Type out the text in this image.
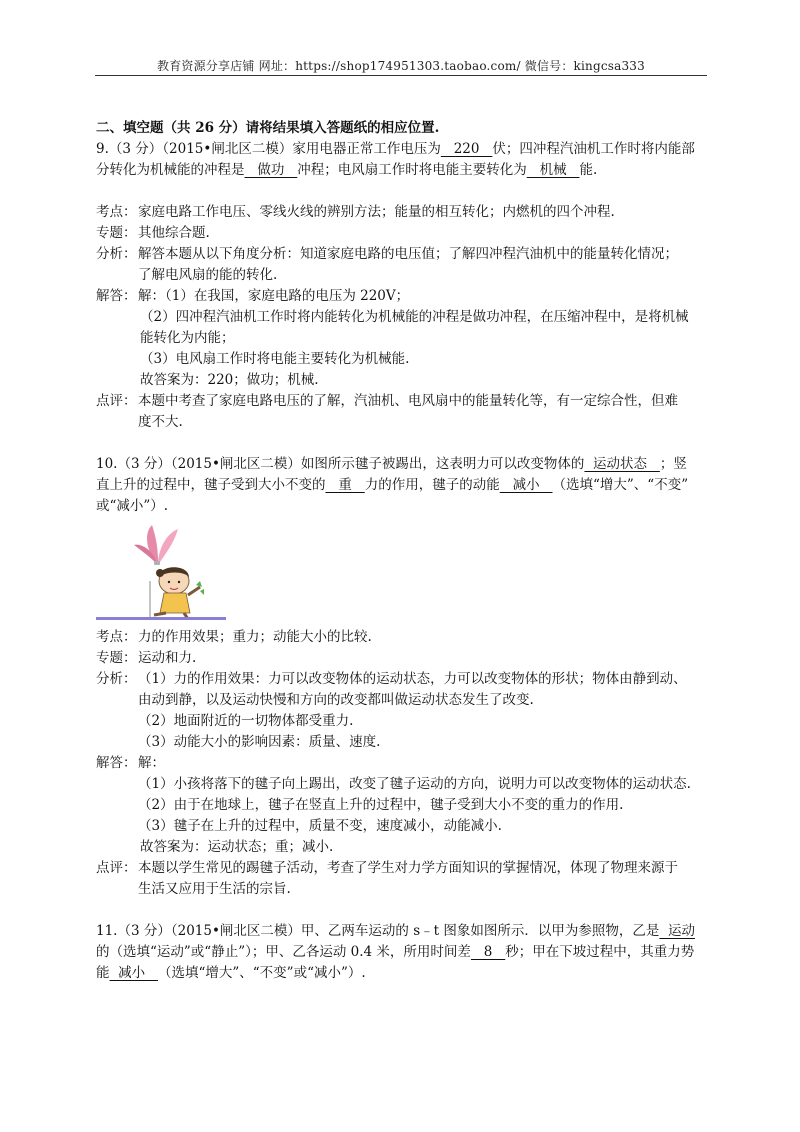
教育资源分享店铺 网址：https://shop174951303.taobao.com/ 微信号：kingcsa333

二、填空题（共 26 分）请将结果填入答题纸的相应位置.

9.（3 分）（2015•闸北区二模）家用电器正常工作电压为   220   伏；四冲程汽油机工作时将内能部

分转化为机械能的冲程是   做功   冲程；电风扇工作时将电能主要转化为   机械   能.

考点： 家庭电路工作电压、零线火线的辨别方法；能量的相互转化；内燃机的四个冲程.
专题： 其他综合题.
分析： 解答本题从以下角度分析：知道家庭电路的电压值；了解四冲程汽油机中的能量转化情况；

了解电风扇的能的转化.

解答： 解：（1）在我国，家庭电路的电压为 220V；

（2）四冲程汽油机工作时将内能转化为机械能的冲程是做功冲程，在压缩冲程中，是将机械

能转化为内能；

（3）电风扇工作时将电能主要转化为机械能.

故答案为：220；做功；机械.

点评： 本题中考查了家庭电路电压的了解，汽油机、电风扇中的能量转化等，有一定综合性，但难

度不大.

10.（3 分）（2015•闸北区二模）如图所示毽子被踢出，这表明力可以改变物体的  运动状态   ；竖

直上升的过程中，毽子受到大小不变的   重   力的作用，毽子的动能   减小   （选填“增大”、“不变”

或“减小”）.

考点： 力的作用效果；重力；动能大小的比较.
专题： 运动和力.
分析： （1）力的作用效果：力可以改变物体的运动状态，力可以改变物体的形状；物体由静到动、

由动到静，以及运动快慢和方向的改变都叫做运动状态发生了改变.

（2）地面附近的一切物体都受重力.

（3）动能大小的影响因素：质量、速度.

解答： 解：

（1）小孩将落下的毽子向上踢出，改变了毽子运动的方向，说明力可以改变物体的运动状态.

（2）由于在地球上，毽子在竖直上升的过程中，毽子受到大小不变的重力的作用.

（3）毽子在上升的过程中，质量不变，速度减小，动能减小.

故答案为：运动状态；重；减小.

点评： 本题以学生常见的踢毽子活动，考查了学生对力学方面知识的掌握情况，体现了物理来源于

生活又应用于生活的宗旨.

11.（3 分）（2015•闸北区二模）甲、乙两车运动的 s﹣t 图象如图所示．以甲为参照物，乙是  运动

的（选填“运动”或“静止”）；甲、乙各运动 0.4 米，所用时间差   8   秒；甲在下坡过程中，其重力势

能  减小   （选填“增大”、“不变”或“减小”）.
